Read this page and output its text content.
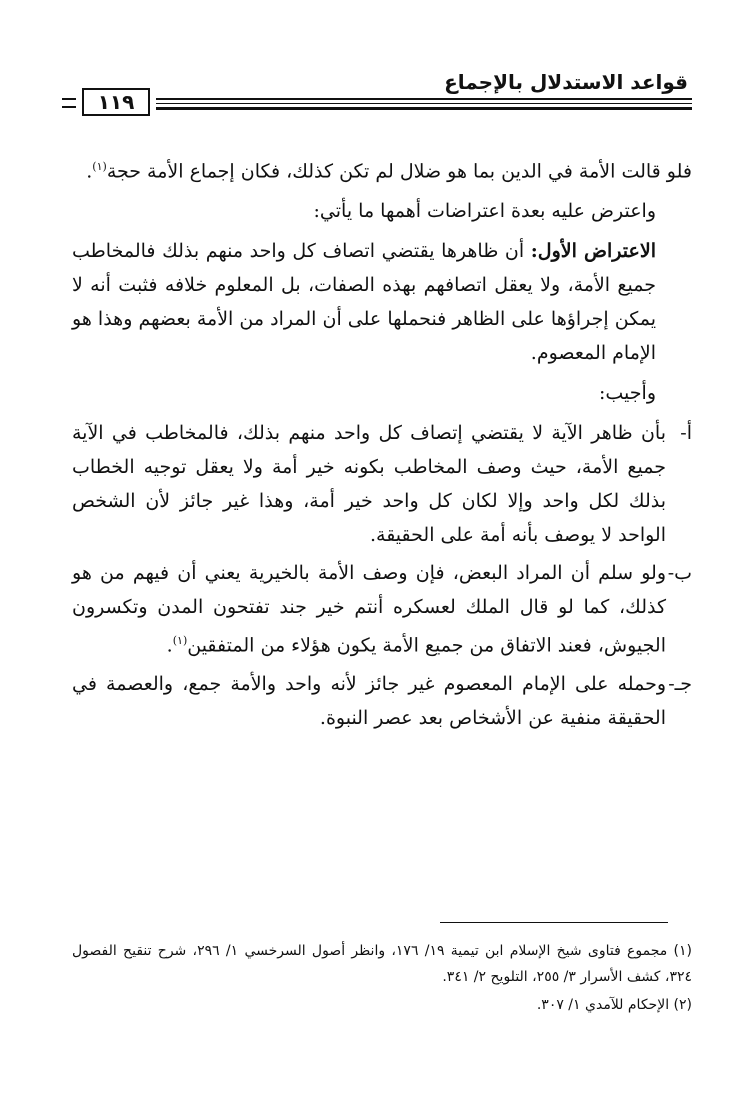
قواعد الاستدلال بالإجماع
١١٩

فلو قالت الأمة في الدين بما هو ضلال لم تكن كذلك، فكان إجماع الأمة حجة$^{(١)}$.

واعترض عليه بعدة اعتراضات أهمها ما يأتي:

الاعتراض الأول: أن ظاهرها يقتضي اتصاف كل واحد منهم بذلك فالمخاطب جميع الأمة، ولا يعقل اتصافهم بهذه الصفات، بل المعلوم خلافه فثبت أنه لا يمكن إجراؤها على الظاهر فنحملها على أن المراد من الأمة بعضهم وهذا هو الإمام المعصوم.

وأجيب:

أ-
بأن ظاهر الآية لا يقتضي إتصاف كل واحد منهم بذلك، فالمخاطب في الآية جميع الأمة، حيث وصف المخاطب بكونه خير أمة ولا يعقل توجيه الخطاب بذلك لكل واحد وإلا لكان كل واحد خير أمة، وهذا غير جائز لأن الشخص الواحد لا يوصف بأنه أمة على الحقيقة.
ب-
ولو سلم أن المراد البعض، فإن وصف الأمة بالخيرية يعني أن فيهم من هو كذلك، كما لو قال الملك لعسكره أنتم خير جند تفتحون المدن وتكسرون الجيوش، فعند الاتفاق من جميع الأمة يكون هؤلاء من المتفقين$^{(١)}$.
جـ-
وحمله على الإمام المعصوم غير جائز لأنه واحد والأمة جمع، والعصمة في الحقيقة منفية عن الأشخاص بعد عصر النبوة.

(١) مجموع فتاوى شيخ الإسلام ابن تيمية ١٩/ ١٧٦، وانظر أصول السرخسي ١/ ٢٩٦، شرح تنقيح الفصول ٣٢٤، كشف الأسرار ٣/ ٢٥٥، التلويح ٢/ ٣٤١.

(٢) الإحكام للآمدي ١/ ٣٠٧.
